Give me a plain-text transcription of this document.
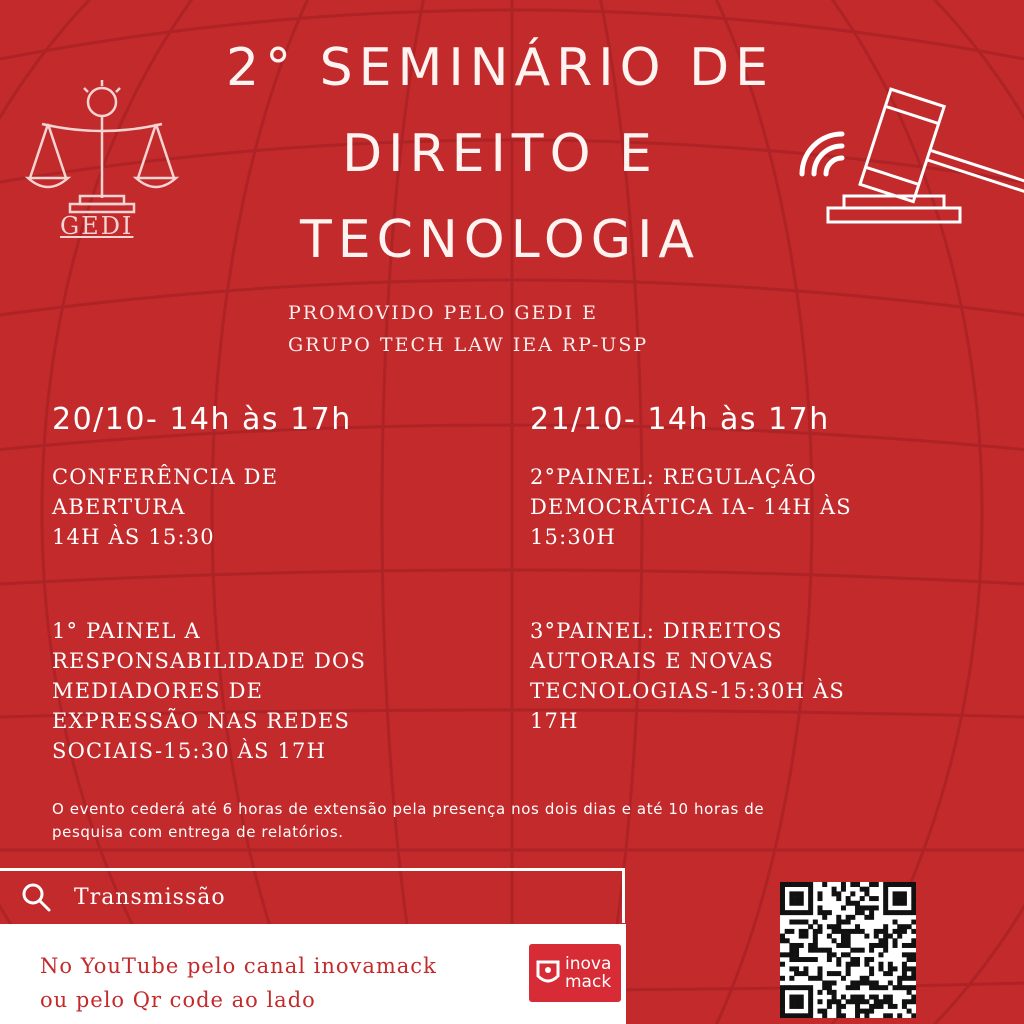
GEDI
2° SEMINÁRIO DE
DIREITO E
TECNOLOGIA
PROMOVIDO PELO GEDI E
GRUPO TECH LAW IEA RP-USP
20/10- 14h às 17h
CONFERÊNCIA DE
ABERTURA
14H ÀS 15:30
1° PAINEL A
RESPONSABILIDADE DOS
MEDIADORES DE
EXPRESSÃO NAS REDES
SOCIAIS-15:30 ÀS 17H
21/10- 14h às 17h
2°PAINEL: REGULAÇÃO
DEMOCRÁTICA IA- 14H ÀS
15:30H
3°PAINEL: DIREITOS
AUTORAIS E NOVAS
TECNOLOGIAS-15:30H ÀS
17H
O evento cederá até 6 horas de extensão pela presença nos dois dias e até 10 horas de
pesquisa com entrega de relatórios.
Transmissão
No YouTube pelo canal inovamack
ou pelo Qr code ao lado
inova
mack
